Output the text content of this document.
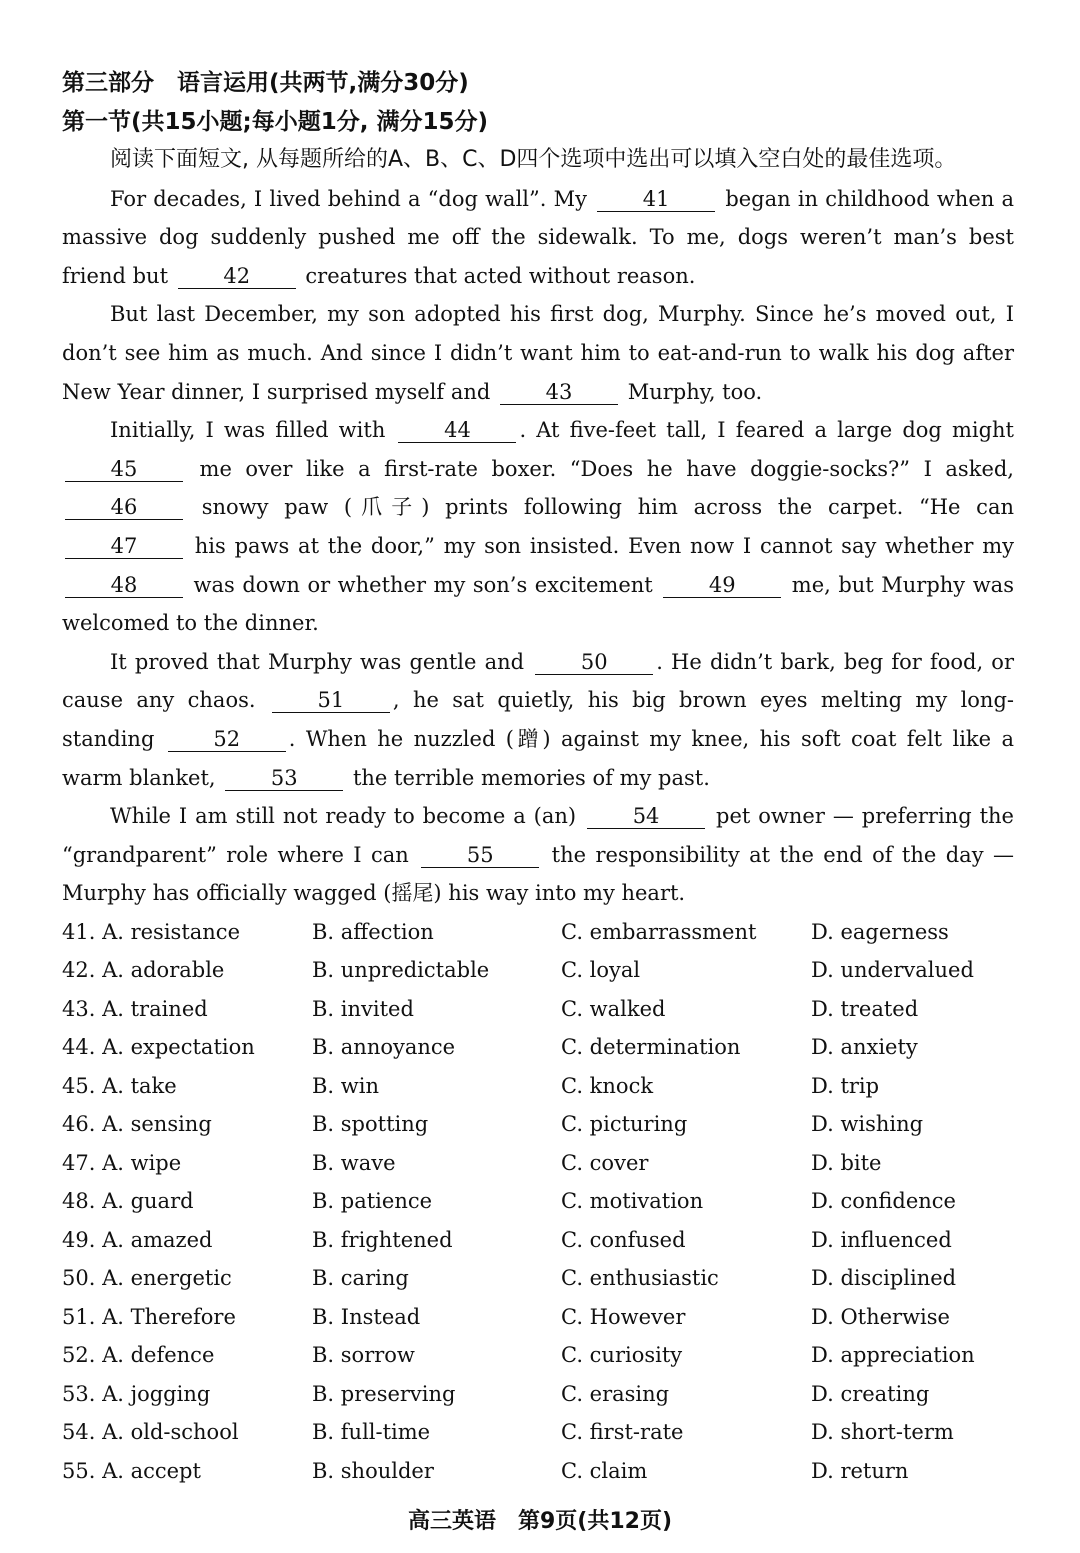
第三部分　语言运用(共两节,满分30分)
第一节(共15小题;每小题1分, 满分15分)

阅读下面短文, 从每题所给的A、B、C、D四个选项中选出可以填入空白处的最佳选项。

For decades, I lived behind a “dog wall”. My	41	began in childhood when a massive dog suddenly pushed me off the sidewalk. To me, dogs weren’t man’s best friend but	42	creatures that acted without reason.

But last December, my son adopted his first dog, Murphy. Since he’s moved out, I don’t see him as much. And since I didn’t want him to eat-and-run to walk his dog after New Year dinner, I surprised myself and	43	Murphy, too.

Initially, I was filled with	44 . At five-feet tall, I feared a large dog might 45	me over like a first-rate boxer. “Does he have doggie-socks?” I asked, 46	snowy paw (爪子) prints following him across the carpet. “He can 47	his paws at the door,” my son insisted. Even now I cannot say whether my 48	was down or whether my son’s excitement	49	me, but Murphy was welcomed to the dinner.

It proved that Murphy was gentle and	50 . He didn’t bark, beg for food, or cause any chaos.	51 , he sat quietly, his big brown eyes melting my long-standing	52 . When he nuzzled (蹭) against my knee, his soft coat felt like a warm blanket,	53	the terrible memories of my past.

While I am still not ready to become a (an)	54	pet owner — preferring the “grandparent” role where I can	55	the responsibility at the end of the day — Murphy has officially wagged (摇尾) his way into my heart.

41. A. resistance	B. affection	C. embarrassment	D. eagerness
42. A. adorable	B. unpredictable	C. loyal	D. undervalued
43. A. trained	B. invited	C. walked	D. treated
44. A. expectation	B. annoyance	C. determination	D. anxiety
45. A. take	B. win	C. knock	D. trip
46. A. sensing	B. spotting	C. picturing	D. wishing
47. A. wipe	B. wave	C. cover	D. bite
48. A. guard	B. patience	C. motivation	D. confidence
49. A. amazed	B. frightened	C. confused	D. influenced
50. A. energetic	B. caring	C. enthusiastic	D. disciplined
51. A. Therefore	B. Instead	C. However	D. Otherwise
52. A. defence	B. sorrow	C. curiosity	D. appreciation
53. A. jogging	B. preserving	C. erasing	D. creating
54. A. old-school	B. full-time	C. first-rate	D. short-term
55. A. accept	B. shoulder	C. claim	D. return
高三英语　第9页(共12页)
